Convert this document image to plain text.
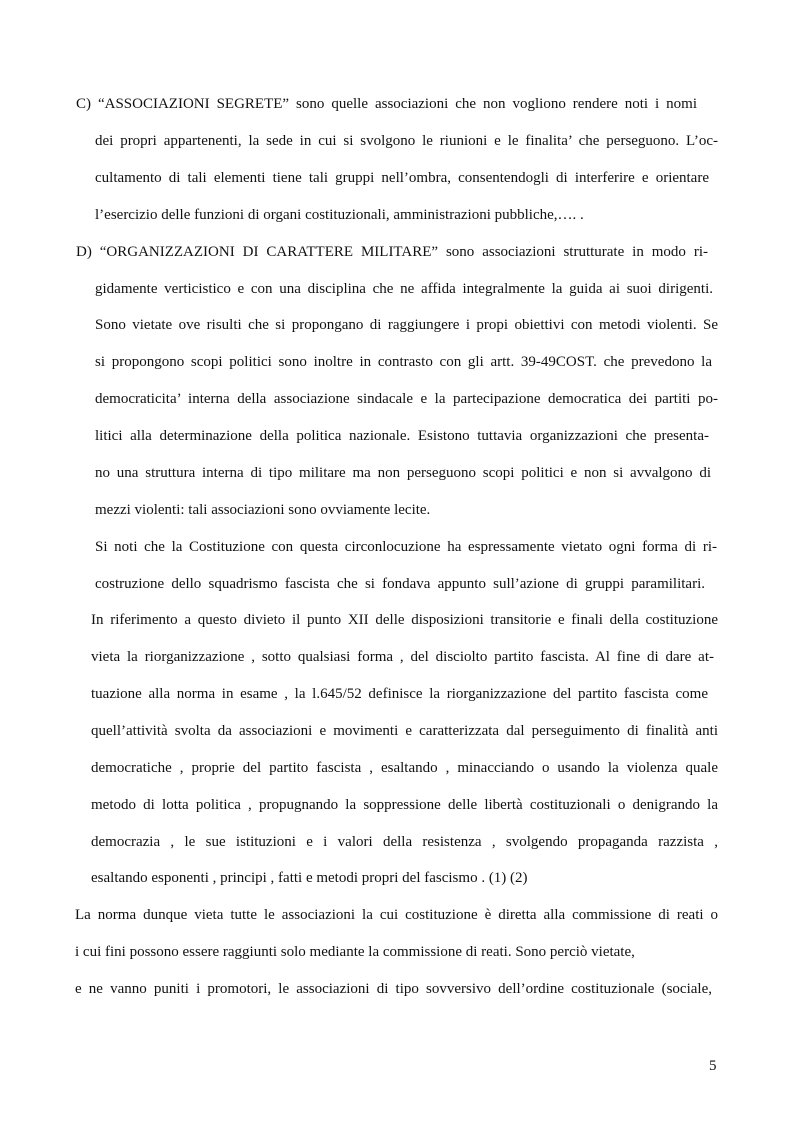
C) “ASSOCIAZIONI SEGRETE” sono quelle associazioni che non vogliono rendere noti i nomi
dei propri appartenenti, la sede in cui si svolgono le riunioni e le finalita’ che perseguono. L’oc-
cultamento di tali elementi tiene tali gruppi nell’ombra, consentendogli di interferire e orientare
l’esercizio delle funzioni di organi costituzionali, amministrazioni pubbliche,…. .
D) “ORGANIZZAZIONI DI CARATTERE MILITARE” sono associazioni strutturate in modo ri-
gidamente verticistico e con una disciplina che ne affida integralmente la guida ai suoi dirigenti.
Sono vietate ove risulti che si propongano di raggiungere i propi obiettivi con metodi violenti. Se
si propongono scopi politici sono inoltre in contrasto con gli artt. 39-49COST. che prevedono la
democraticita’ interna della associazione sindacale e la partecipazione democratica dei partiti po-
litici alla determinazione della politica nazionale. Esistono tuttavia organizzazioni che presenta-
no una struttura interna di tipo militare ma non perseguono scopi politici e non si avvalgono di
mezzi violenti: tali associazioni sono ovviamente lecite.
Si noti che la Costituzione con questa circonlocuzione ha espressamente vietato ogni forma di ri-
costruzione dello squadrismo fascista che si fondava appunto sull’azione di gruppi paramilitari.
In riferimento a questo divieto il punto XII delle disposizioni transitorie e finali della costituzione
vieta la riorganizzazione , sotto qualsiasi forma , del disciolto partito fascista. Al fine di dare at-
tuazione alla norma in esame , la l.645/52 definisce la riorganizzazione del partito fascista come
quell’attività svolta da associazioni e movimenti e caratterizzata dal perseguimento di finalità anti
democratiche , proprie del partito fascista , esaltando , minacciando o usando la violenza quale
metodo di lotta politica , propugnando la soppressione delle libertà costituzionali o denigrando la
democrazia , le sue istituzioni e i valori della resistenza , svolgendo propaganda razzista ,
esaltando esponenti , principi , fatti e metodi propri del fascismo . (1) (2)
La norma dunque vieta tutte le associazioni la cui costituzione è diretta alla commissione di reati o
i cui fini possono essere raggiunti solo mediante la commissione di reati. Sono perciò vietate,
e ne vanno puniti i promotori, le associazioni di tipo sovversivo dell’ordine costituzionale (sociale,
5
